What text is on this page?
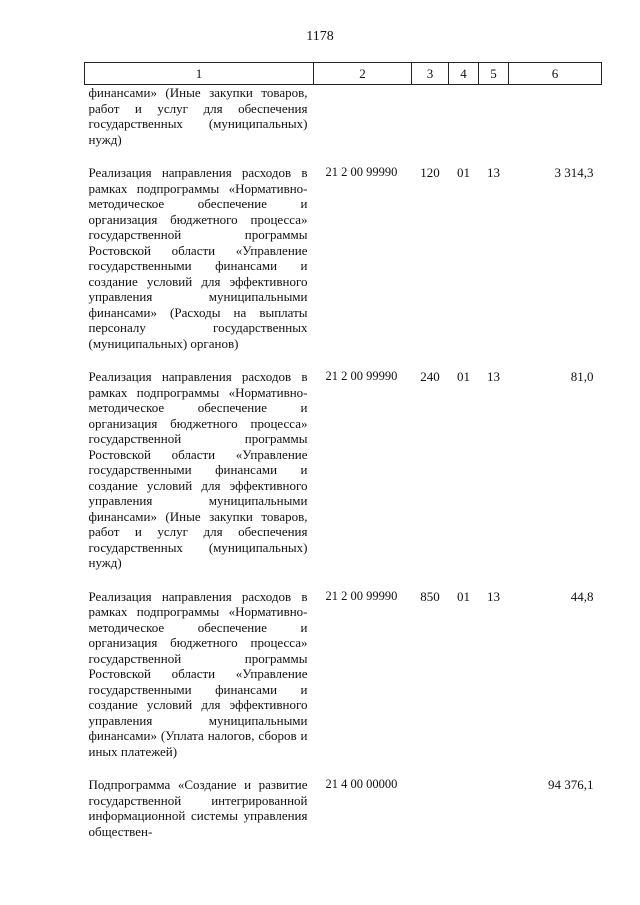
1178
1	2	3	4	5	6
финансами» (Иные закупки товаров, работ и услуг для обеспечения государственных (муниципальных) нужд)					

Реализация направления расходов в рамках подпрограммы «Нормативно-методическое обеспечение и организация бюджетного процесса» государственной программы Ростовской области «Управление государственными финансами и создание условий для эффективного управления муниципальными финансами» (Расходы на выплаты персоналу государственных (муниципальных) органов)	21 2 00 99990	120	01	13	3 314,3

Реализация направления расходов в рамках подпрограммы «Нормативно-методическое обеспечение и организация бюджетного процесса» государственной программы Ростовской области «Управление государственными финансами и создание условий для эффективного управления муниципальными финансами» (Иные закупки товаров, работ и услуг для обеспечения государственных (муниципальных) нужд)	21 2 00 99990	240	01	13	81,0

Реализация направления расходов в рамках подпрограммы «Нормативно-методическое обеспечение и организация бюджетного процесса» государственной программы Ростовской области «Управление государственными финансами и создание условий для эффективного управления муниципальными финансами» (Уплата налогов, сборов и иных платежей)	21 2 00 99990	850	01	13	44,8

Подпрограмма «Создание и развитие государственной интегрированной информационной системы управления обществен-	21 4 00 00000				94 376,1
